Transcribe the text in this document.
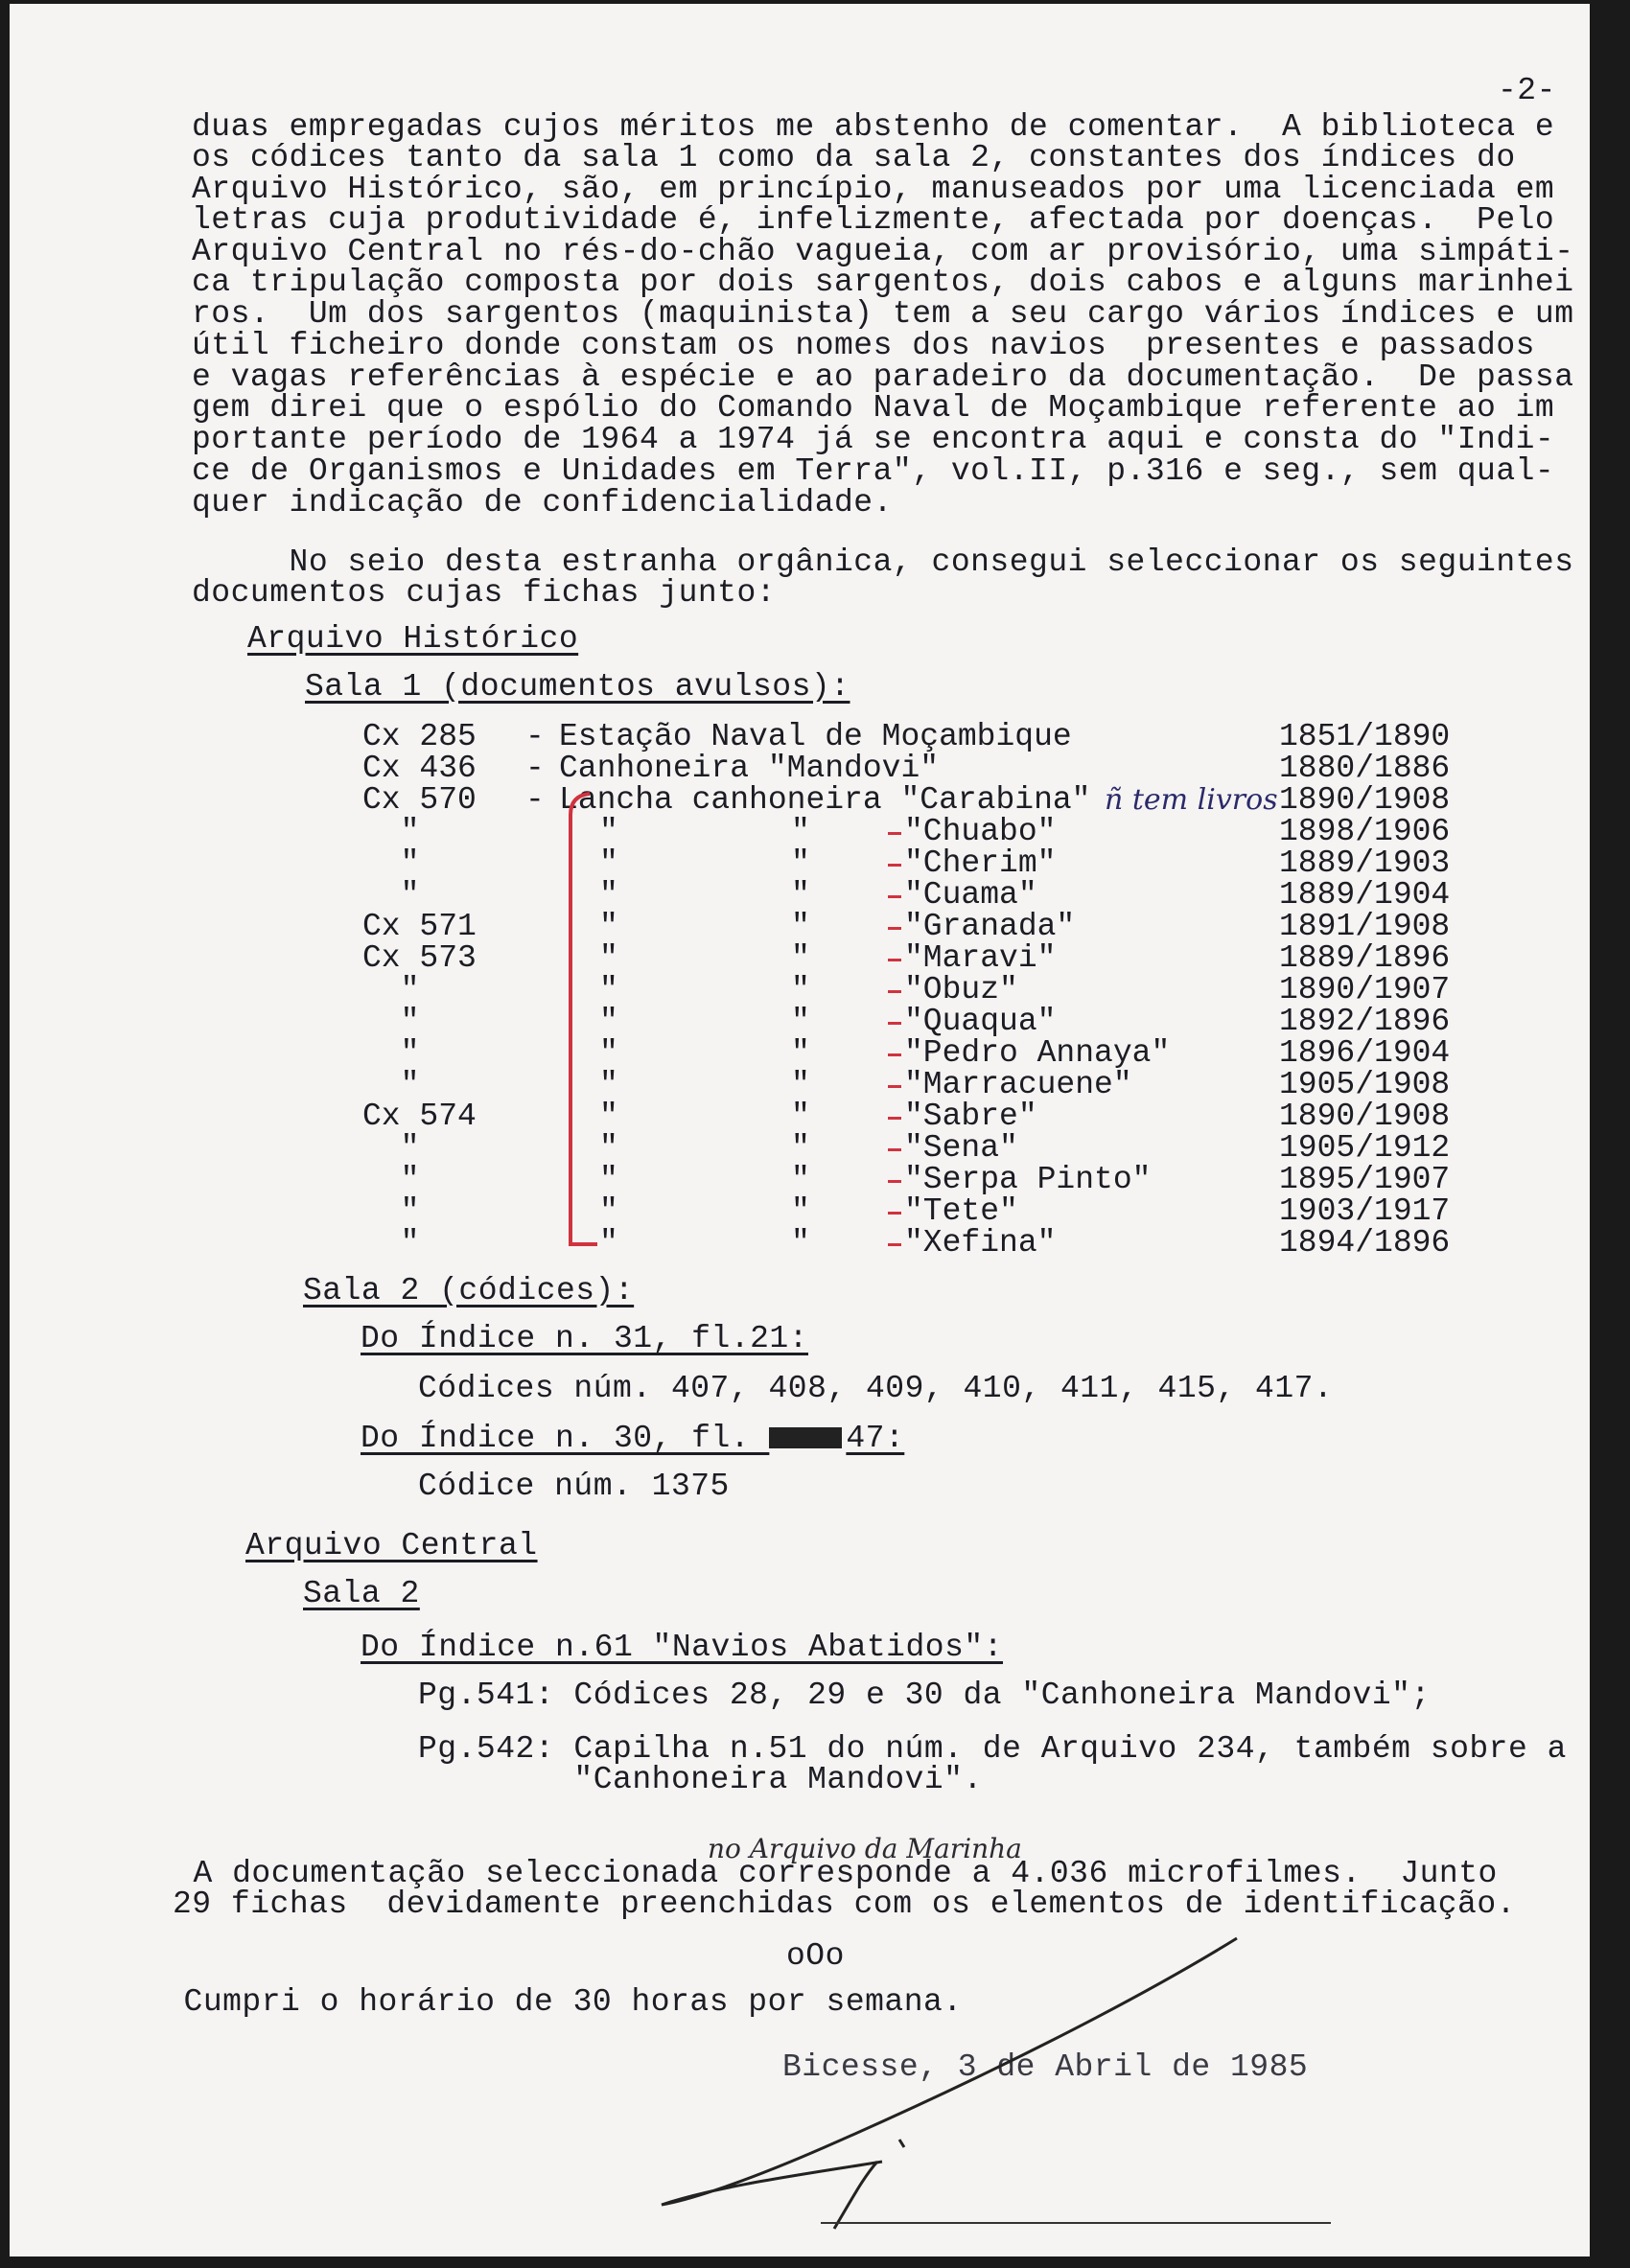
-2-
duas empregadas cujos méritos me abstenho de comentar.  A biblioteca e
os códices tanto da sala 1 como da sala 2, constantes dos índices do
Arquivo Histórico, são, em princípio, manuseados por uma licenciada em
letras cuja produtividade é, infelizmente, afectada por doenças.  Pelo
Arquivo Central no rés-do-chão vagueia, com ar provisório, uma simpáti-
ca tripulação composta por dois sargentos, dois cabos e alguns marinhei
ros.  Um dos sargentos (maquinista) tem a seu cargo vários índices e um
útil ficheiro donde constam os nomes dos navios  presentes e passados
e vagas referências à espécie e ao paradeiro da documentação.  De passa
gem direi que o espólio do Comando Naval de Moçambique referente ao im
portante período de 1964 a 1974 já se encontra aqui e consta do "Indi-
ce de Organismos e Unidades em Terra", vol.II, p.316 e seg., sem qual-
quer indicação de confidencialidade.
No seio desta estranha orgânica, consegui seleccionar os seguintes
documentos cujas fichas junto:
Arquivo Histórico
Sala 1 (documentos avulsos):
Cx 285 - Estação Naval de Moçambique	1851/1890
Cx 436 - Canhoneira "Mandovi"	1880/1886
Cx 570 - Lancha canhoneira "Carabina" ñ tem livros 1890/1908
"	"	"	"Chuabo"	1898/1906
"	"	"	"Cherim"	1889/1903
"	"	"	"Cuama"	1889/1904
Cx 571	"	"	"Granada"	1891/1908
Cx 573	"	"	"Maravi"	1889/1896
"	"	"	"Obuz"	1890/1907
"	"	"	"Quaqua"	1892/1896
"	"	"	"Pedro Annaya"	1896/1904
"	"	"	"Marracuene"	1905/1908
Cx 574	"	"	"Sabre"	1890/1908
"	"	"	"Sena"	1905/1912
"	"	"	"Serpa Pinto"	1895/1907
"	"	"	"Tete"	1903/1917
"	"	"	"Xefina"	1894/1896
Sala 2 (códices):
Do Índice n. 31, fl.21:
Códices núm. 407, 408, 409, 410, 411, 415, 417.
Do Índice n. 30, fl. 47:
Códice núm. 1375
Arquivo Central
Sala 2
Do Índice n.61 "Navios Abatidos":
Pg.541: Códices 28, 29 e 30 da "Canhoneira Mandovi";
Pg.542: Capilha n.51 do núm. de Arquivo 234, também sobre a
"Canhoneira Mandovi".
no Arquivo da Marinha
A documentação seleccionada corresponde a 4.036 microfilmes.  Junto
29 fichas  devidamente preenchidas com os elementos de identificação.
oOo
Cumpri o horário de 30 horas por semana.
Bicesse, 3 de Abril de 1985
